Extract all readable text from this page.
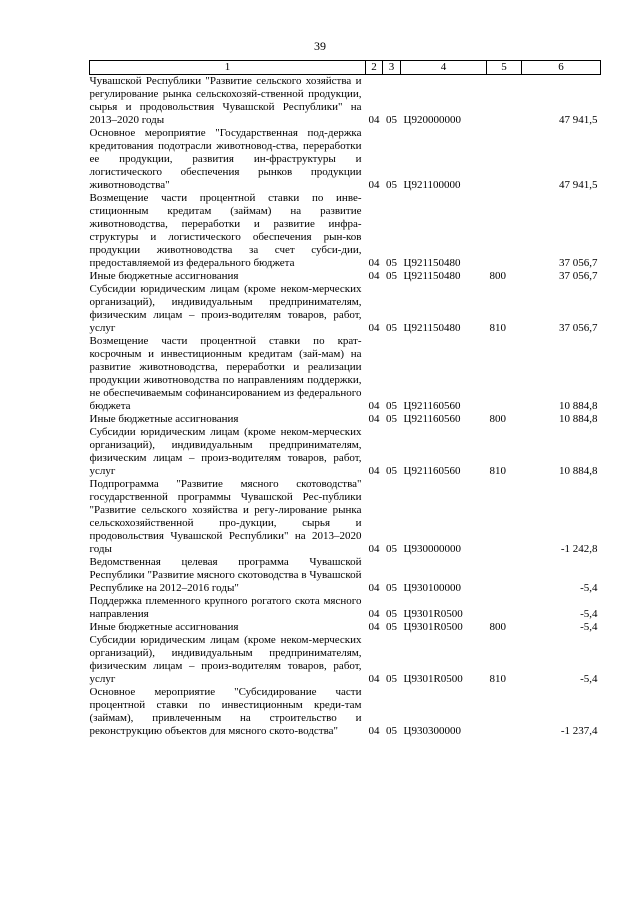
39
1	2	3	4	5	6
Чувашской Республики "Развитие сельского хозяйства и регулирование рынка сельскохозяй-ственной продукции, сырья и продовольствия Чувашской Республики" на 2013–2020 годы	04	05	Ц920000000		47 941,5
Основное мероприятие "Государственная под-держка кредитования подотрасли животновод-ства, переработки ее продукции, развития ин-фраструктуры и логистического обеспечения рынков продукции животноводства"	04	05	Ц921100000		47 941,5
Возмещение части процентной ставки по инве-стиционным кредитам (займам) на развитие животноводства, переработки и развитие инфра-структуры и логистического обеспечения рын-ков продукции животноводства за счет субси-дии, предоставляемой из федерального бюджета	04	05	Ц921150480		37 056,7
Иные бюджетные ассигнования	04	05	Ц921150480	800	37 056,7
Субсидии юридическим лицам (кроме неком-мерческих организаций), индивидуальным предпринимателям, физическим лицам – произ-водителям товаров, работ, услуг	04	05	Ц921150480	810	37 056,7
Возмещение части процентной ставки по крат-косрочным и инвестиционным кредитам (зай-мам) на развитие животноводства, переработки и реализации продукции животноводства по направлениям поддержки, не обеспечиваемым софинансированием из федерального бюджета	04	05	Ц921160560		10 884,8
Иные бюджетные ассигнования	04	05	Ц921160560	800	10 884,8
Субсидии юридическим лицам (кроме неком-мерческих организаций), индивидуальным предпринимателям, физическим лицам – произ-водителям товаров, работ, услуг	04	05	Ц921160560	810	10 884,8
Подпрограмма "Развитие мясного скотоводства" государственной программы Чувашской Рес-публики "Развитие сельского хозяйства и регу-лирование рынка сельскохозяйственной про-дукции, сырья и продовольствия Чувашской Республики" на 2013–2020 годы	04	05	Ц930000000		-1 242,8
Ведомственная целевая программа Чувашской Республики "Развитие мясного скотоводства в Чувашской Республике на 2012–2016 годы"	04	05	Ц930100000		-5,4
Поддержка племенного крупного рогатого скота мясного направления	04	05	Ц9301R0500		-5,4
Иные бюджетные ассигнования	04	05	Ц9301R0500	800	-5,4
Субсидии юридическим лицам (кроме неком-мерческих организаций), индивидуальным предпринимателям, физическим лицам – произ-водителям товаров, работ, услуг	04	05	Ц9301R0500	810	-5,4
Основное мероприятие "Субсидирование части процентной ставки по инвестиционным креди-там (займам), привлеченным на строительство и реконструкцию объектов для мясного ското-водства"	04	05	Ц930300000		-1 237,4
